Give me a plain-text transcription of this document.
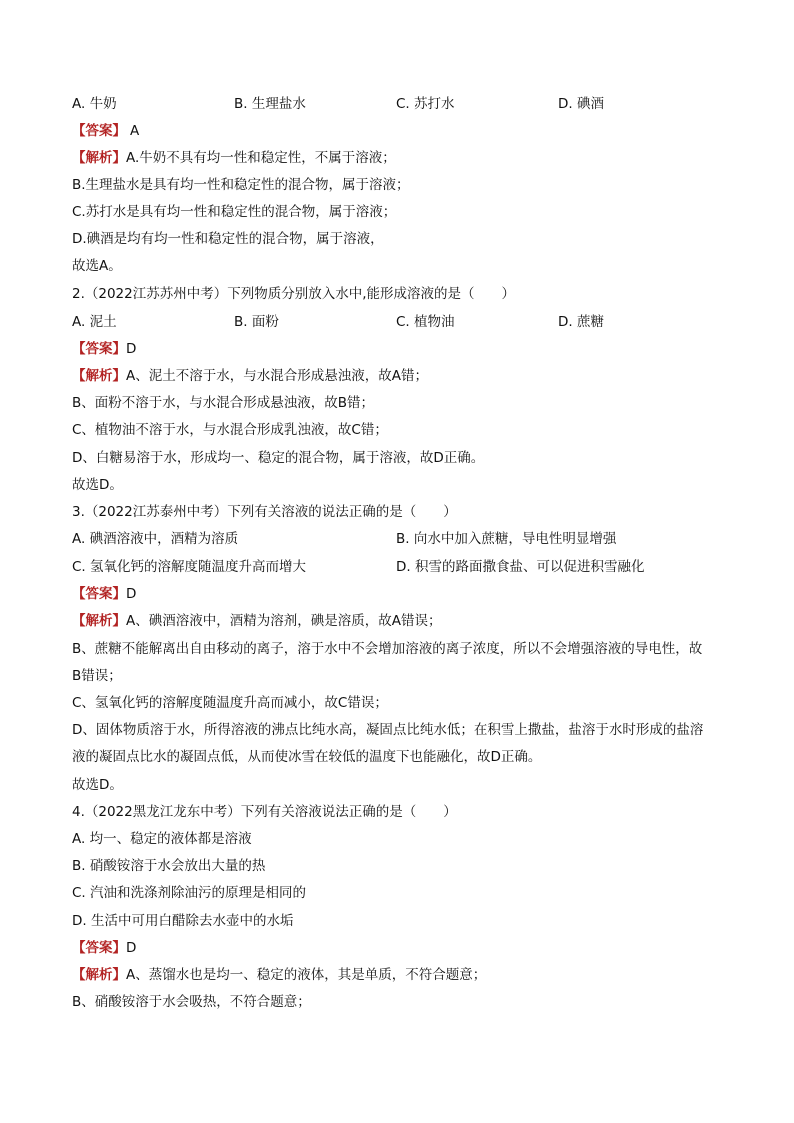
A. 牛奶	B. 生理盐水	C. 苏打水	D. 碘酒
【答案】 A
【解析】A.牛奶不具有均一性和稳定性，不属于溶液；
B.生理盐水是具有均一性和稳定性的混合物，属于溶液；
C.苏打水是具有均一性和稳定性的混合物，属于溶液；
D.碘酒是均有均一性和稳定性的混合物，属于溶液，
故选A。
2.（2022江苏苏州中考）下列物质分别放入水中,能形成溶液的是（　　）
A. 泥土	B. 面粉	C. 植物油	D. 蔗糖
【答案】D
【解析】A、泥土不溶于水，与水混合形成悬浊液，故A错；
B、面粉不溶于水，与水混合形成悬浊液，故B错；
C、植物油不溶于水，与水混合形成乳浊液，故C错；
D、白糖易溶于水，形成均一、稳定的混合物，属于溶液，故D正确。
故选D。
3.（2022江苏泰州中考）下列有关溶液的说法正确的是（　　）
A. 碘酒溶液中，酒精为溶质	B. 向水中加入蔗糖，导电性明显增强
C. 氢氧化钙的溶解度随温度升高而增大	D. 积雪的路面撒食盐、可以促进积雪融化
【答案】D
【解析】A、碘酒溶液中，酒精为溶剂，碘是溶质，故A错误；
B、蔗糖不能解离出自由移动的离子，溶于水中不会增加溶液的离子浓度，所以不会增强溶液的导电性，故
B错误；
C、氢氧化钙的溶解度随温度升高而减小，故C错误；
D、固体物质溶于水，所得溶液的沸点比纯水高，凝固点比纯水低；在积雪上撒盐，盐溶于水时形成的盐溶
液的凝固点比水的凝固点低，从而使冰雪在较低的温度下也能融化，故D正确。
故选D。
4.（2022黑龙江龙东中考）下列有关溶液说法正确的是（　　）
A. 均一、稳定的液体都是溶液
B. 硝酸铵溶于水会放出大量的热
C. 汽油和洗涤剂除油污的原理是相同的
D. 生活中可用白醋除去水壶中的水垢
【答案】D
【解析】A、蒸馏水也是均一、稳定的液体，其是单质，不符合题意；
B、硝酸铵溶于水会吸热，不符合题意；
